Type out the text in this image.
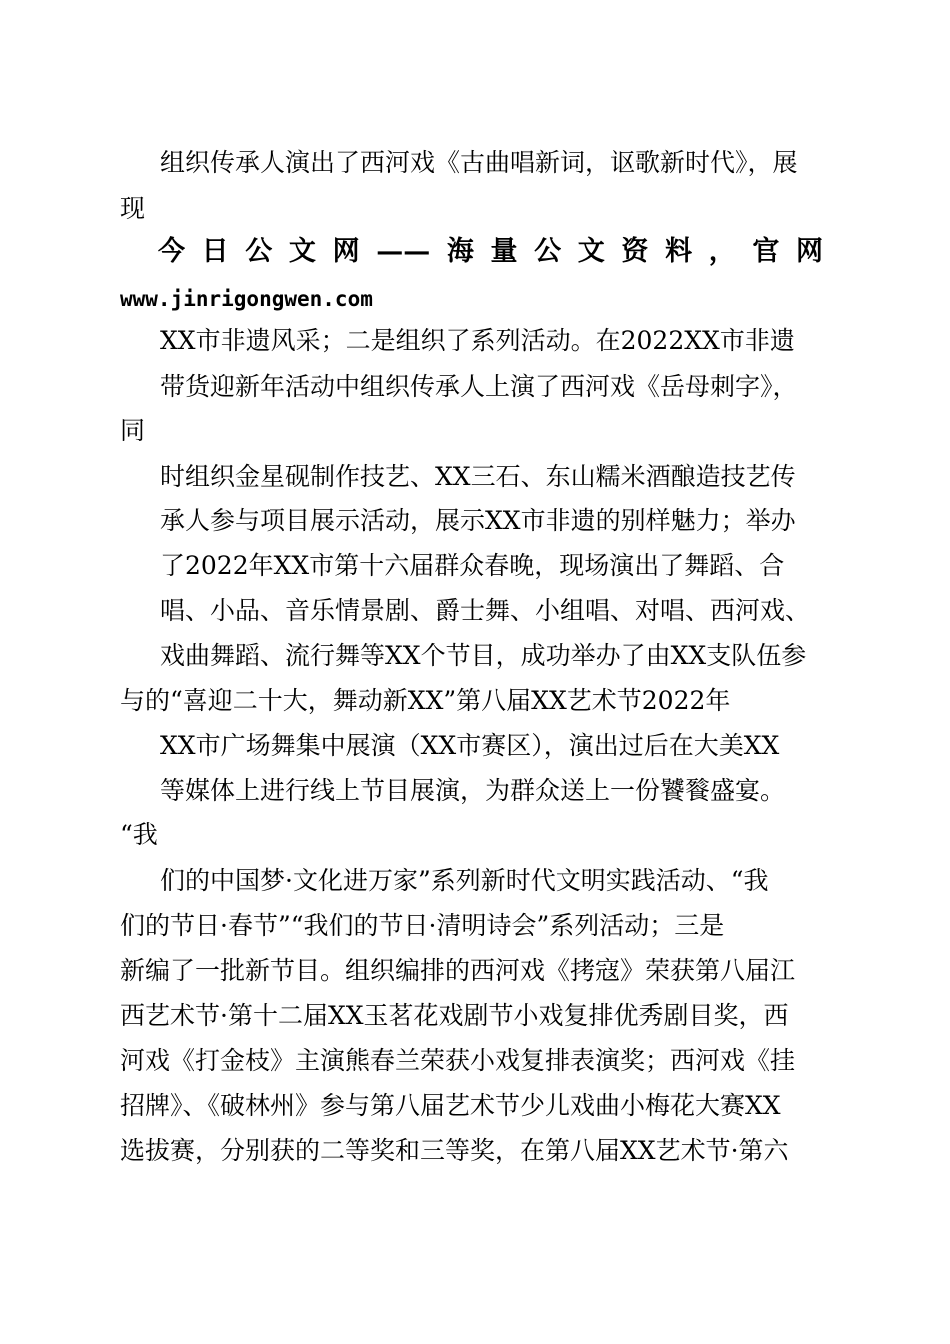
组织传承人演出了西河戏《古曲唱新词，讴歌新时代》，展

现

今日公文网——海量公文资料，官网

www.jinrigongwen.com

XX市非遗风采；二是组织了系列活动。在2022XX市非遗

带货迎新年活动中组织传承人上演了西河戏《岳母刺字》，

同

时组织金星砚制作技艺、XX三石、东山糯米酒酿造技艺传

承人参与项目展示活动，展示XX市非遗的别样魅力；举办

了2022年XX市第十六届群众春晚，现场演出了舞蹈、合

唱、小品、音乐情景剧、爵士舞、小组唱、对唱、西河戏、

戏曲舞蹈、流行舞等XX个节目，成功举办了由XX支队伍参

与的“喜迎二十大，舞动新XX”第八届XX艺术节2022年

XX市广场舞集中展演（XX市赛区），演出过后在大美XX

等媒体上进行线上节目展演，为群众送上一份饕餮盛宴。

“我

们的中国梦·文化进万家”系列新时代文明实践活动、“我

们的节日·春节”“我们的节日·清明诗会”系列活动；三是

新编了一批新节目。组织编排的西河戏《拷寇》荣获第八届江

西艺术节·第十二届XX玉茗花戏剧节小戏复排优秀剧目奖，西

河戏《打金枝》主演熊春兰荣获小戏复排表演奖；西河戏《挂

招牌》、《破林州》参与第八届艺术节少儿戏曲小梅花大赛XX

选拔赛，分别获的二等奖和三等奖，在第八届XX艺术节·第六
